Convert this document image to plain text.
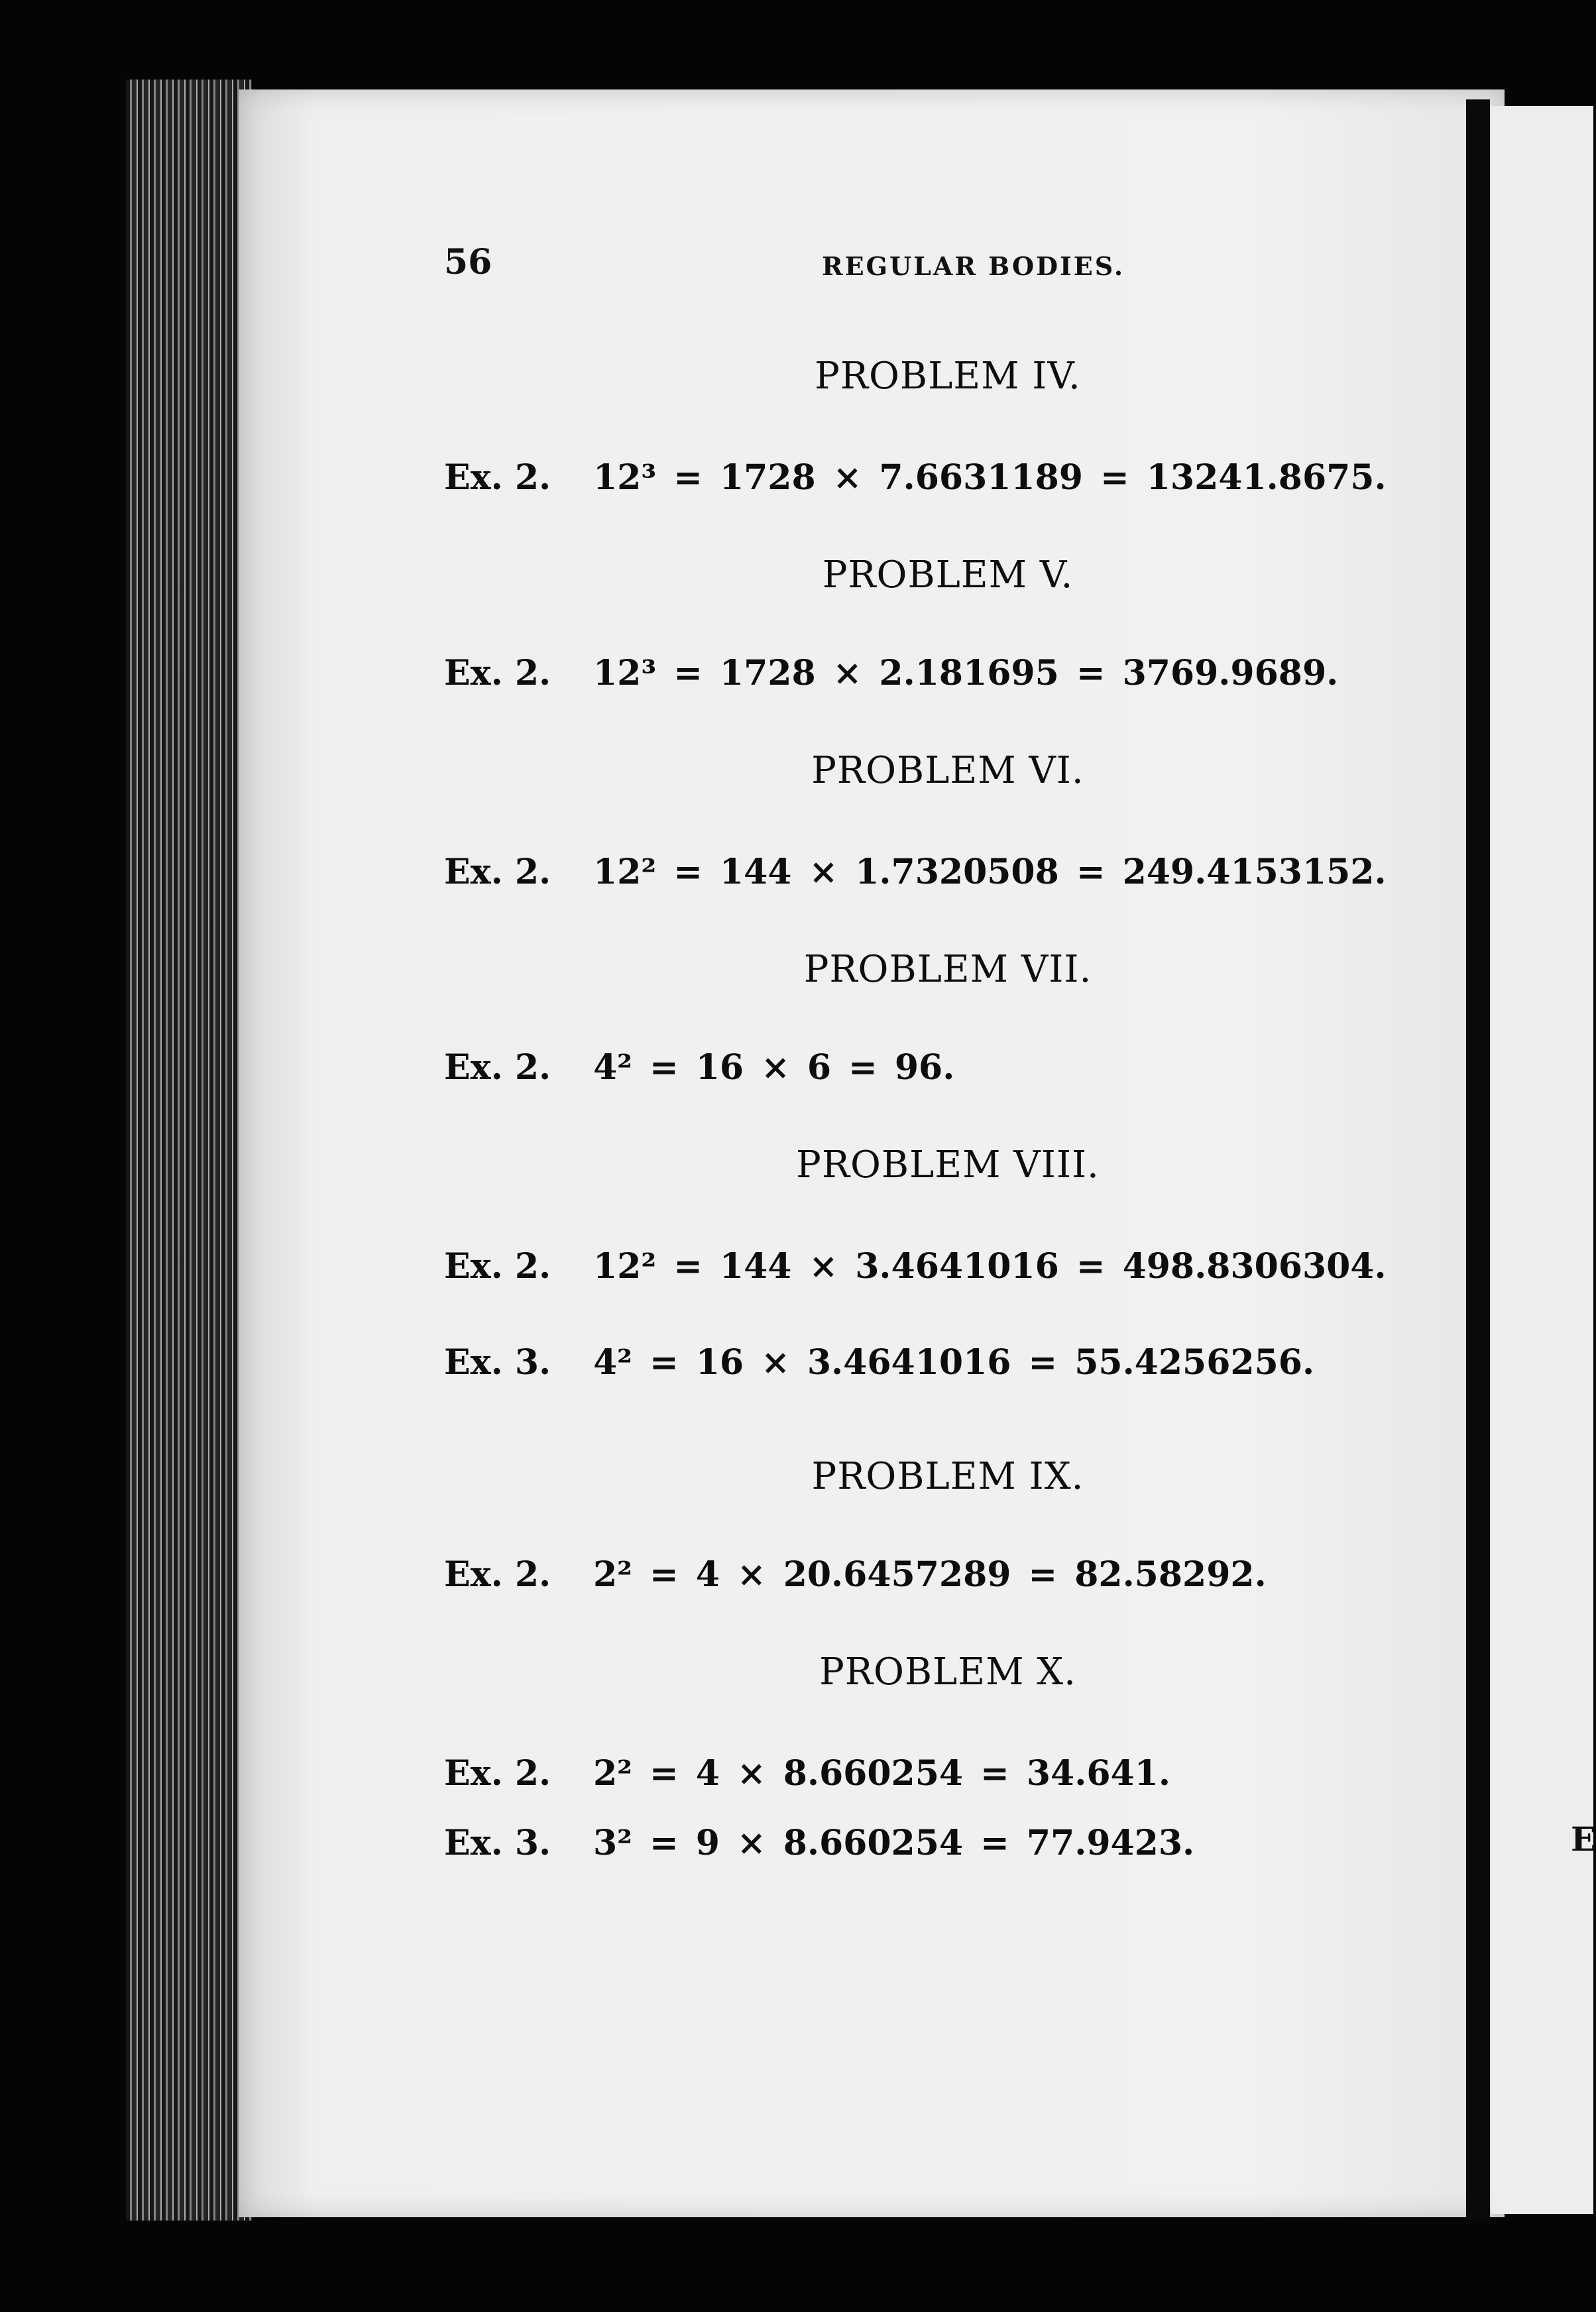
E
56	REGULAR BODIES.
PROBLEM IV.
Ex. 2. 12³ = 1728 × 7.6631189 = 13241.8675.
PROBLEM V.
Ex. 2. 12³ = 1728 × 2.181695 = 3769.9689.
PROBLEM VI.
Ex. 2. 12² = 144 × 1.7320508 = 249.4153152.
PROBLEM VII.
Ex. 2. 4² = 16 × 6 = 96.
PROBLEM VIII.
Ex. 2. 12² = 144 × 3.4641016 = 498.8306304.
Ex. 3. 4² = 16 × 3.4641016 = 55.4256256.
PROBLEM IX.
Ex. 2. 2² = 4 × 20.6457289 = 82.58292.
PROBLEM X.
Ex. 2. 2² = 4 × 8.660254 = 34.641.
Ex. 3. 3² = 9 × 8.660254 = 77.9423.
